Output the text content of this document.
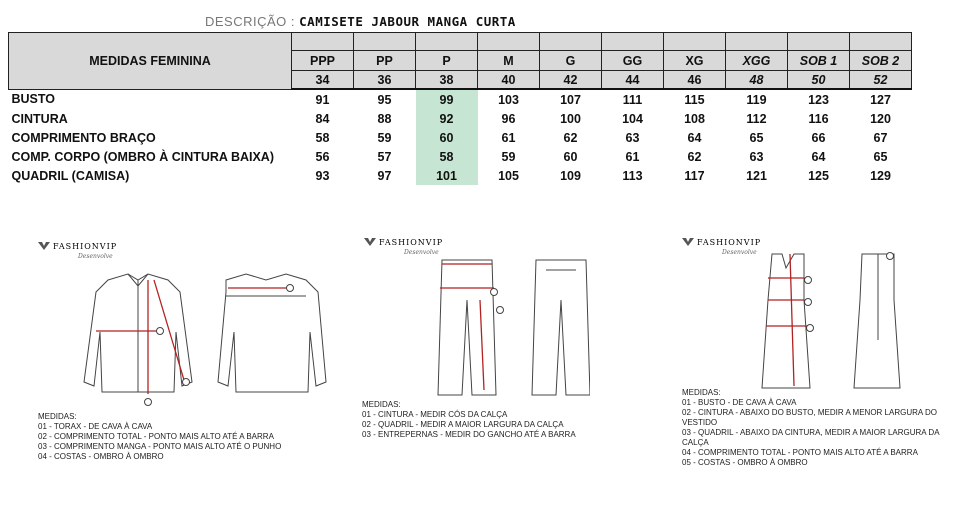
DESCRIÇÃO : CAMISETE JABOUR MANGA CURTA
MEDIDAS FEMININA										
	PPP	PP	P	M	G	GG	XG	XGG	SOB 1	SOB 2
	34	36	38	40	42	44	46	48	50	52
BUSTO	91	95	99	103	107	111	115	119	123	127
CINTURA	84	88	92	96	100	104	108	112	116	120
COMPRIMENTO BRAÇO	58	59	60	61	62	63	64	65	66	67
COMP. CORPO (OMBRO À CINTURA BAIXA)	56	57	58	59	60	61	62	63	64	65
QUADRIL (CAMISA)	93	97	101	105	109	113	117	121	125	129
FASHIONVIP
Desenvolve
MEDIDAS:
01 - TORAX - DE CAVA À CAVA
02 - COMPRIMENTO TOTAL - PONTO MAIS ALTO ATÉ A BARRA
03 - COMPRIMENTO MANGA - PONTO MAIS ALTO ATÉ O PUNHO
04 - COSTAS - OMBRO À OMBRO
FASHIONVIP
Desenvolve
MEDIDAS:
01 - CINTURA - MEDIR CÓS DA CALÇA
02 - QUADRIL - MEDIR A MAIOR LARGURA DA CALÇA
03 - ENTREPERNAS - MEDIR DO GANCHO ATÉ A BARRA
FASHIONVIP
Desenvolve
MEDIDAS:
01 - BUSTO - DE CAVA À CAVA
02 - CINTURA - ABAIXO DO BUSTO, MEDIR A MENOR LARGURA DO VESTIDO
03 - QUADRIL - ABAIXO DA CINTURA, MEDIR A MAIOR LARGURA DA CALÇA
04 - COMPRIMENTO TOTAL - PONTO MAIS ALTO ATÉ A BARRA
05 - COSTAS - OMBRO À OMBRO
